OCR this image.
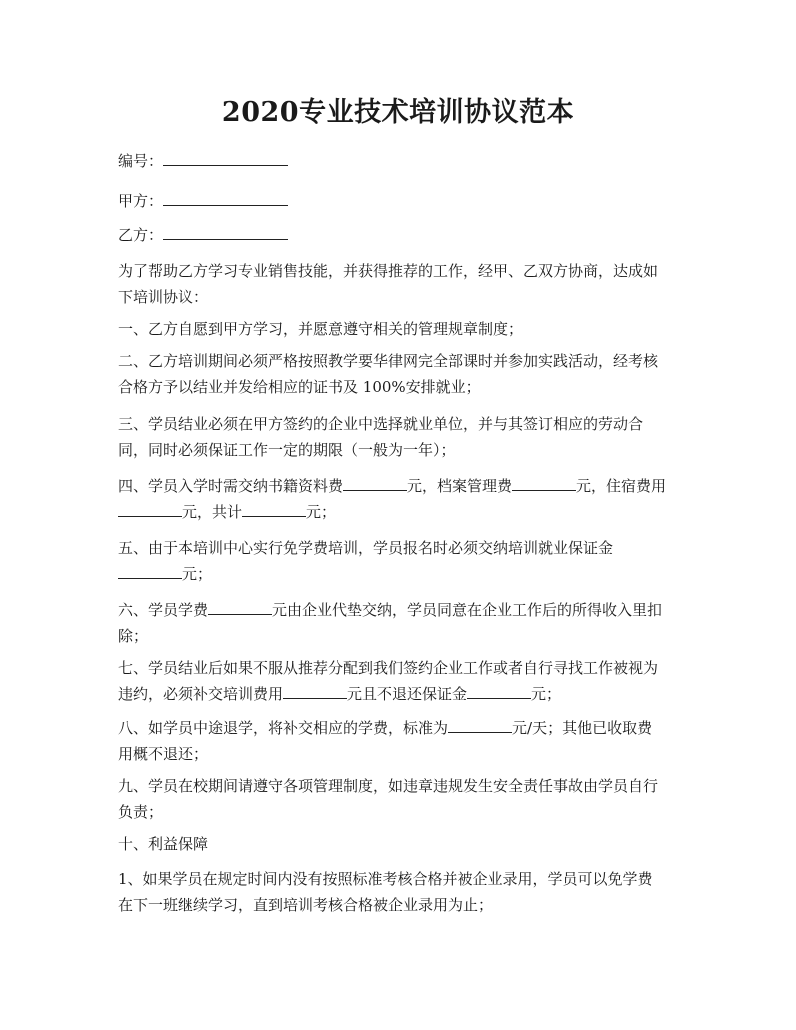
2020专业技术培训协议范本
编号：
甲方：
乙方：

为了帮助乙方学习专业销售技能，并获得推荐的工作，经甲、乙双方协商，达成如
下培训协议：

一、乙方自愿到甲方学习，并愿意遵守相关的管理规章制度；

二、乙方培训期间必须严格按照教学要华律网完全部课时并参加实践活动，经考核
合格方予以结业并发给相应的证书及 100%安排就业；

三、学员结业必须在甲方签约的企业中选择就业单位，并与其签订相应的劳动合
同，同时必须保证工作一定的期限（一般为一年）；

四、学员入学时需交纳书籍资料费	元，档案管理费	元，住宿费用
元，共计	元；

五、由于本培训中心实行免学费培训，学员报名时必须交纳培训就业保证金
元；

六、学员学费	元由企业代垫交纳，学员同意在企业工作后的所得收入里扣
除；

七、学员结业后如果不服从推荐分配到我们签约企业工作或者自行寻找工作被视为
违约，必须补交培训费用	元且不退还保证金	元；

八、如学员中途退学，将补交相应的学费，标准为	元/天；其他已收取费
用概不退还；

九、学员在校期间请遵守各项管理制度，如违章违规发生安全责任事故由学员自行
负责；

十、利益保障

1、如果学员在规定时间内没有按照标准考核合格并被企业录用，学员可以免学费
在下一班继续学习，直到培训考核合格被企业录用为止；
